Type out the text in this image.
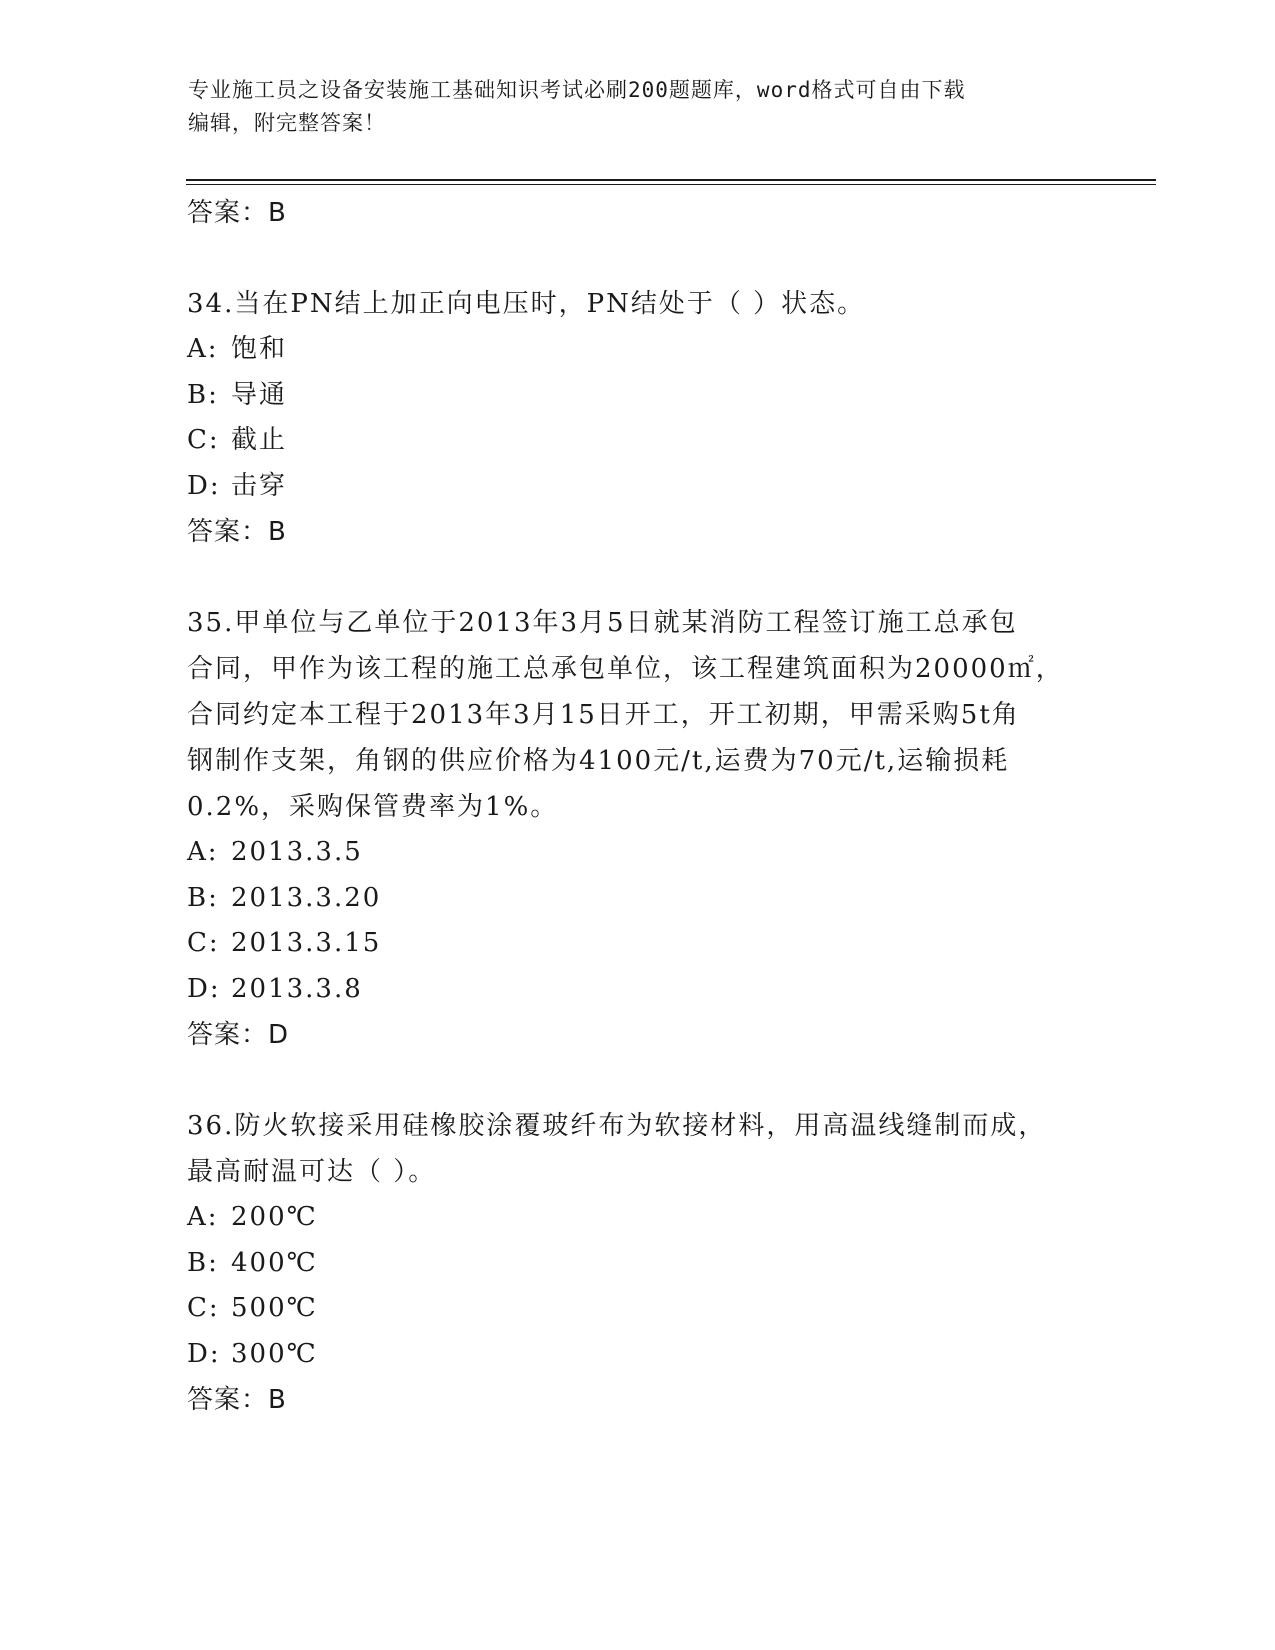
专业施工员之设备安装施工基础知识考试必刷200题题库，word格式可自由下载
编辑，附完整答案！
答案：B
34.当在PN结上加正向电压时，PN结处于（ ）状态。
A: 饱和
B: 导通
C: 截止
D: 击穿
答案：B
35.甲单位与乙单位于2013年3月5日就某消防工程签订施工总承包
合同，甲作为该工程的施工总承包单位，该工程建筑面积为20000㎡，
合同约定本工程于2013年3月15日开工，开工初期，甲需采购5t角
钢制作支架，角钢的供应价格为4100元/t,运费为70元/t,运输损耗
0.2%，采购保管费率为1%。
A: 2013.3.5
B: 2013.3.20
C: 2013.3.15
D: 2013.3.8
答案：D
36.防火软接采用硅橡胶涂覆玻纤布为软接材料，用高温线缝制而成，
最高耐温可达（ ）。
A: 200℃
B: 400℃
C: 500℃
D: 300℃
答案：B
